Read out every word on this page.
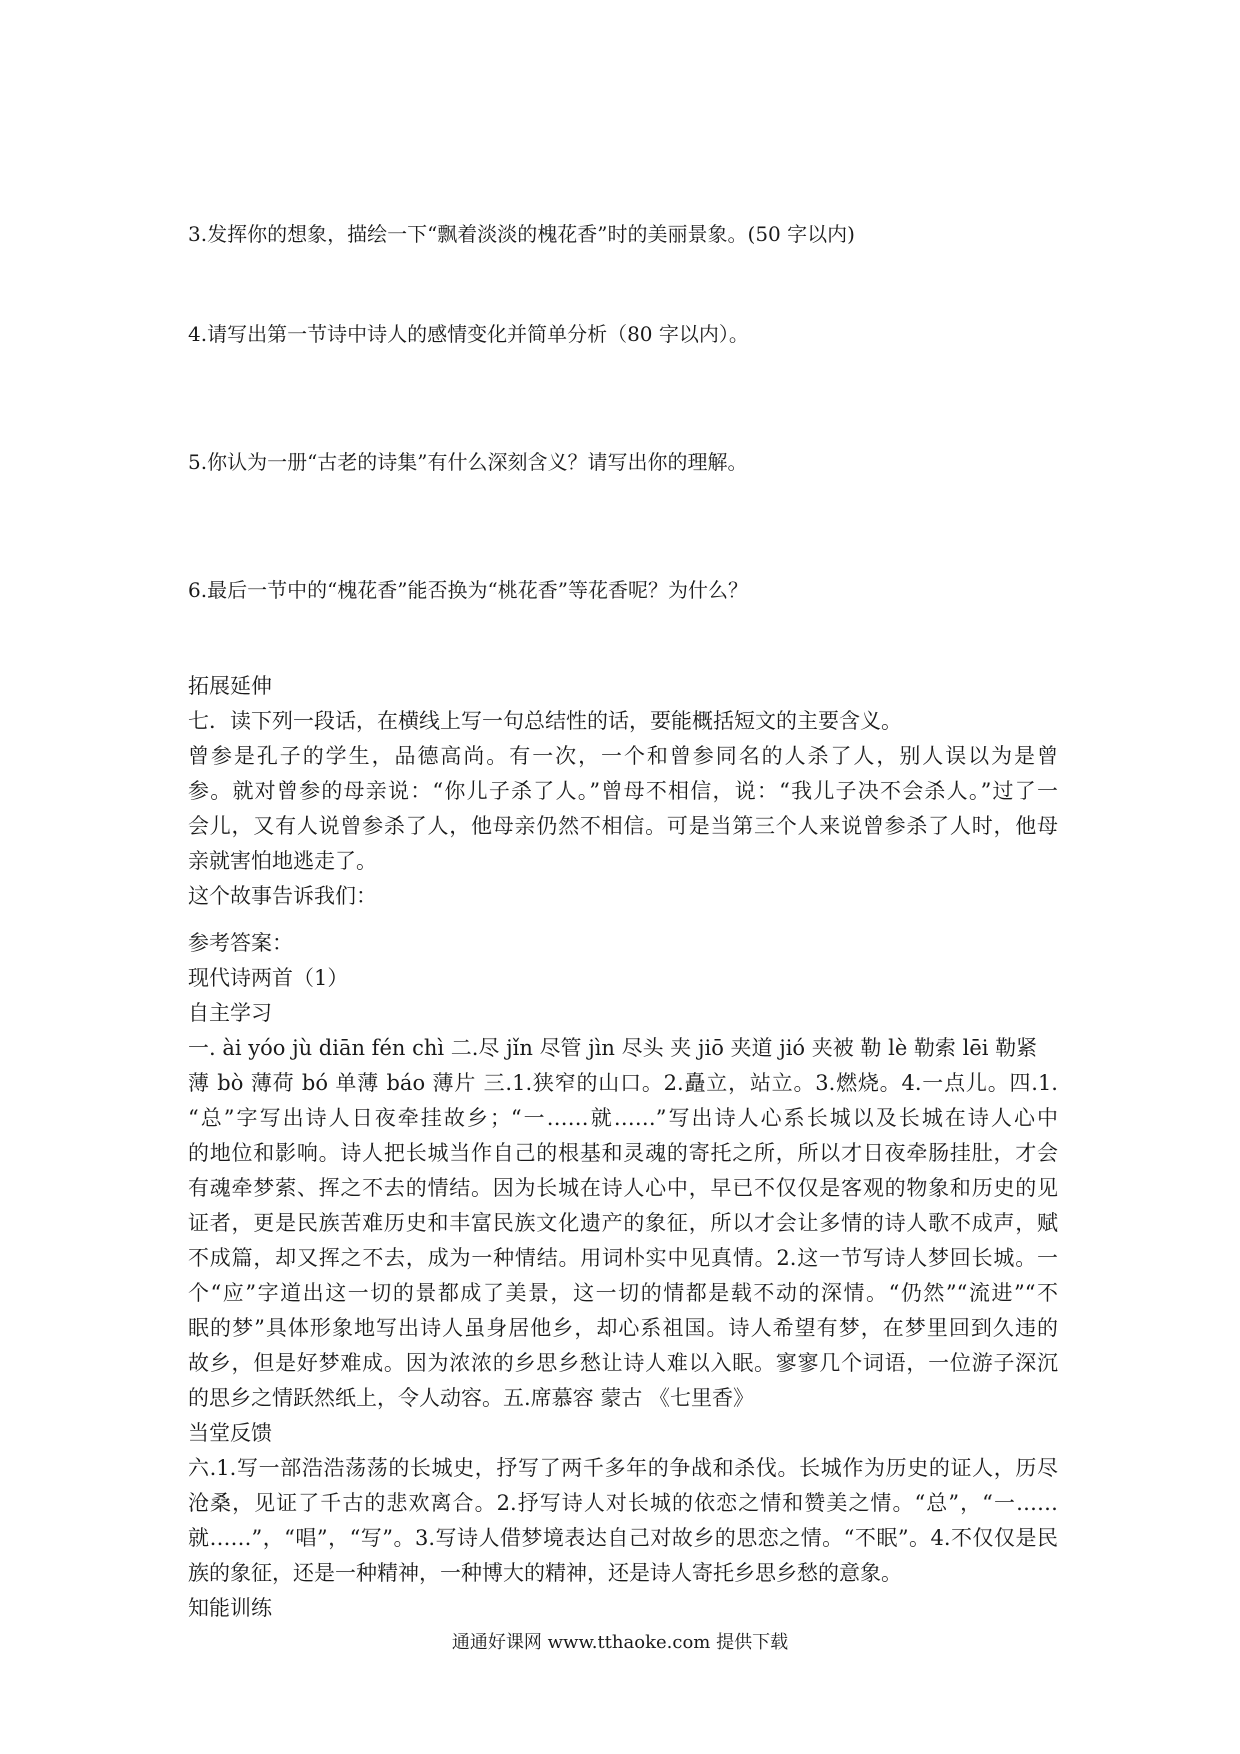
3.发挥你的想象，描绘一下“飘着淡淡的槐花香”时的美丽景象。(50 字以内)
4.请写出第一节诗中诗人的感情变化并简单分析（80 字以内）。
5.你认为一册“古老的诗集”有什么深刻含义？请写出你的理解。
6.最后一节中的“槐花香”能否换为“桃花香”等花香呢？为什么？
拓展延伸
七．读下列一段话，在横线上写一句总结性的话，要能概括短文的主要含义。
曾参是孔子的学生，品德高尚。有一次，一个和曾参同名的人杀了人，别人误以为是曾
参。就对曾参的母亲说：“你儿子杀了人。”曾母不相信，说：“我儿子决不会杀人。”过了一
会儿，又有人说曾参杀了人，他母亲仍然不相信。可是当第三个人来说曾参杀了人时，他母
亲就害怕地逃走了。
这个故事告诉我们：
参考答案：
现代诗两首（1）
自主学习
一. ài yóo jù diān fén chì 二.尽 jǐn 尽管 jìn 尽头 夹 jiō 夹道 jió 夹被 勒 lè 勒索 lēi 勒紧
薄 bò 薄荷 bó 单薄 báo 薄片 三.1.狭窄的山口。2.矗立，站立。3.燃烧。4.一点儿。四.1.
“总”字写出诗人日夜牵挂故乡；“一……就……”写出诗人心系长城以及长城在诗人心中
的地位和影响。诗人把长城当作自己的根基和灵魂的寄托之所，所以才日夜牵肠挂肚，才会
有魂牵梦萦、挥之不去的情结。因为长城在诗人心中，早已不仅仅是客观的物象和历史的见
证者，更是民族苦难历史和丰富民族文化遗产的象征，所以才会让多情的诗人歌不成声，赋
不成篇，却又挥之不去，成为一种情结。用词朴实中见真情。2.这一节写诗人梦回长城。一
个“应”字道出这一切的景都成了美景，这一切的情都是载不动的深情。“仍然”“流进”“不
眠的梦”具体形象地写出诗人虽身居他乡，却心系祖国。诗人希望有梦，在梦里回到久违的
故乡，但是好梦难成。因为浓浓的乡思乡愁让诗人难以入眠。寥寥几个词语，一位游子深沉
的思乡之情跃然纸上，令人动容。五.席慕容 蒙古 《七里香》
当堂反馈
六.1.写一部浩浩荡荡的长城史，抒写了两千多年的争战和杀伐。长城作为历史的证人，历尽
沧桑，见证了千古的悲欢离合。2.抒写诗人对长城的依恋之情和赞美之情。“总”，“一……
就……”，“唱”，“写”。3.写诗人借梦境表达自己对故乡的思恋之情。“不眠”。4.不仅仅是民
族的象征，还是一种精神，一种博大的精神，还是诗人寄托乡思乡愁的意象。
知能训练
通通好课网 www.tthaoke.com 提供下载
